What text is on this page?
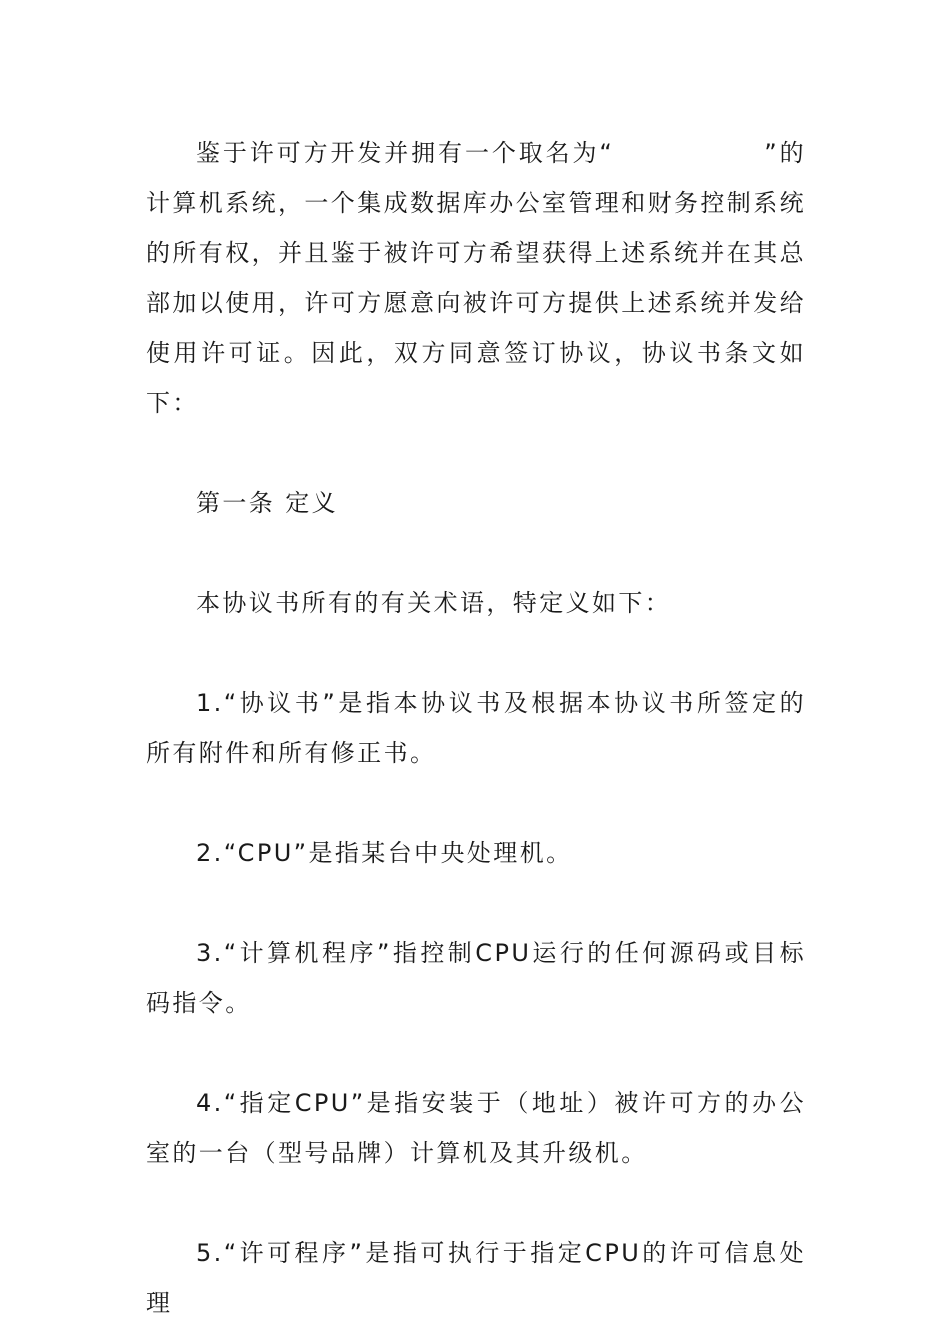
鉴于许可方开发并拥有一个取名为“	”的计算机系统，一个集成数据库办公室管理和财务控制系统的所有权，并且鉴于被许可方希望获得上述系统并在其总部加以使用，许可方愿意向被许可方提供上述系统并发给使用许可证。因此，双方同意签订协议，协议书条文如下：

第一条 定义

本协议书所有的有关术语，特定义如下：

1.“协议书”是指本协议书及根据本协议书所签定的所有附件和所有修正书。

2.“CPU”是指某台中央处理机。

3.“计算机程序”指控制CPU运行的任何源码或目标码指令。

4.“指定CPU”是指安装于（地址）被许可方的办公室的一台（型号品牌）计算机及其升级机。

5.“许可程序”是指可执行于指定CPU的许可信息处理
